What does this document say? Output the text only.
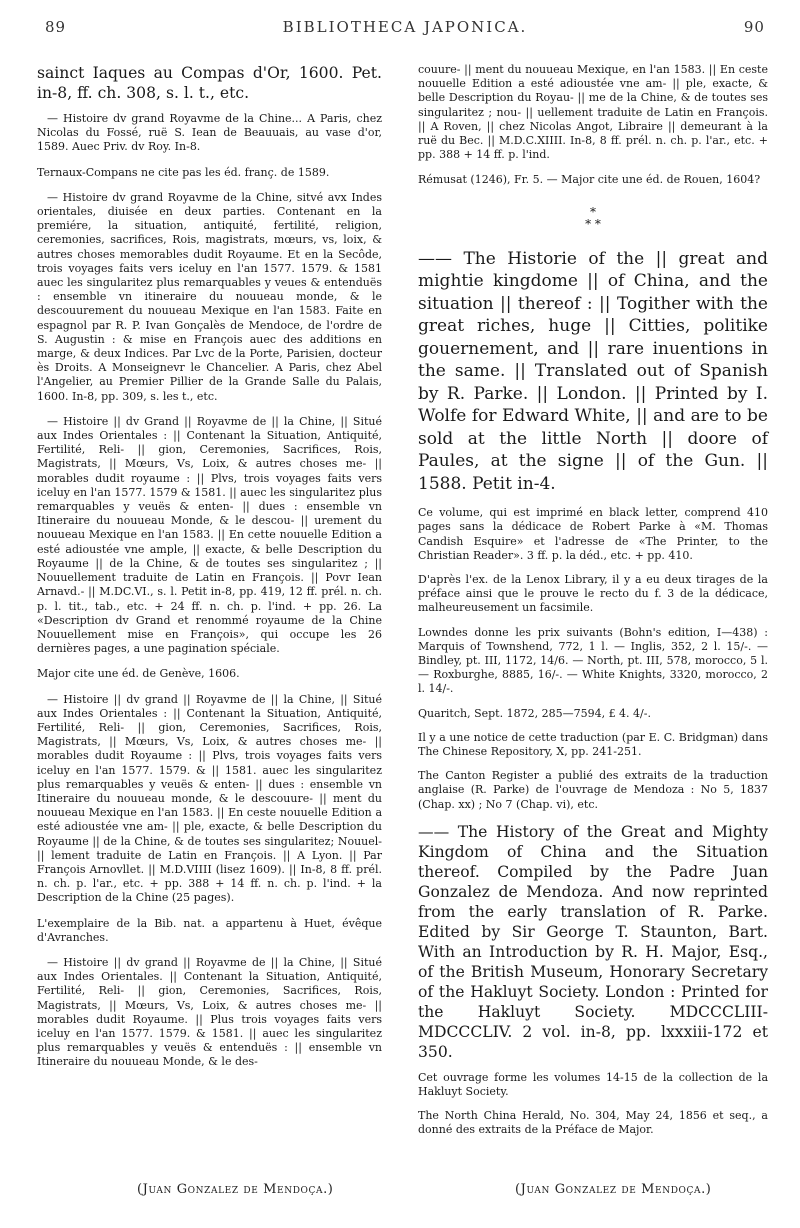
89	BIBLIOTHECA JAPONICA.	90

sainct Iaques au Compas d'Or, 1600. Pet. in-8, ff. ch. 308, s. l. t., etc.

— Histoire dv grand Royavme de la Chine... A Paris, chez Nicolas du Fossé, ruë S. Iean de Beauuais, au vase d'or, 1589. Auec Priv. dv Roy. In-8.

Ternaux-Compans ne cite pas les éd. franç. de 1589.

— Histoire dv grand Royavme de la Chine, sitvé avx Indes orientales, diuisée en deux parties. Contenant en la premiére, la situation, antiquité, fertilité, religion, ceremonies, sacrifices, Rois, magistrats, mœurs, vs, loix, & autres choses memorables dudit Royaume. Et en la Secôde, trois voyages faits vers iceluy en l'an 1577. 1579. & 1581 auec les singularitez plus remarquables y veues & entenduës : ensemble vn itineraire du nouueau monde, & le descouurement du nouueau Mexique en l'an 1583. Faite en espagnol par R. P. Ivan Gonçalès de Mendoce, de l'ordre de S. Augustin : & mise en François auec des additions en marge, & deux Indices. Par Lvc de la Porte, Parisien, docteur ès Droits. A Monseignevr le Chancelier. A Paris, chez Abel l'Angelier, au Premier Pillier de la Grande Salle du Palais, 1600. In-8, pp. 309, s. les t., etc.

— Histoire || dv Grand || Royavme de || la Chine, || Situé aux Indes Orientales : || Contenant la Situation, Antiquité, Fertilité, Reli- || gion, Ceremonies, Sacrifices, Rois, Magistrats, || Mœurs, Vs, Loix, & autres choses me- || morables dudit royaume : || Plvs, trois voyages faits vers iceluy en l'an 1577. 1579 & 1581. || auec les singularitez plus remarquables y veuës & enten- || dues : ensemble vn Itineraire du nouueau Monde, & le descou- || urement du nouueau Mexique en l'an 1583. || En cette nouuelle Edition a esté adioustée vne ample, || exacte, & belle Description du Royaume || de la Chine, & de toutes ses singularitez ; || Nouuellement traduite de Latin en François. || Povr Iean Arnavd.- || M.DC.VI., s. l. Petit in-8, pp. 419, 12 ff. prél. n. ch. p. l. tit., tab., etc. + 24 ff. n. ch. p. l'ind. + pp. 26. La «Description dv Grand et renommé royaume de la Chine Nouuellement mise en François», qui occupe les 26 dernières pages, a une pagination spéciale.

Major cite une éd. de Genève, 1606.

— Histoire || dv grand || Royavme de || la Chine, || Situé aux Indes Orientales : || Contenant la Situation, Antiquité, Fertilité, Reli- || gion, Ceremonies, Sacrifices, Rois, Magistrats, || Mœurs, Vs, Loix, & autres choses me- || morables dudit Royaume : || Plvs, trois voyages faits vers iceluy en l'an 1577. 1579. & || 1581. auec les singularitez plus remarquables y veuës & enten- || dues : ensemble vn Itineraire du nouueau monde, & le descouure- || ment du nouueau Mexique en l'an 1583. || En ceste nouuelle Edition a esté adioustée vne am- || ple, exacte, & belle Description du Royaume || de la Chine, & de toutes ses singularitez; Nouuel- || lement traduite de Latin en François. || A Lyon. || Par François Arnovllet. || M.D.VIIII (lisez 1609). || In-8, 8 ff. prél. n. ch. p. l'ar., etc. + pp. 388 + 14 ff. n. ch. p. l'ind. + la Description de la Chine (25 pages).

L'exemplaire de la Bib. nat. a appartenu à Huet, évêque d'Avranches.

— Histoire || dv grand || Royavme de || la Chine, || Situé aux Indes Orientales. || Contenant la Situation, Antiquité, Fertilité, Reli- || gion, Ceremonies, Sacrifices, Rois, Magistrats, || Mœurs, Vs, Loix, & autres choses me- || morables dudit Royaume. || Plus trois voyages faits vers iceluy en l'an 1577. 1579. & 1581. || auec les singularitez plus remarquables y veuës & entenduës : || ensemble vn Itineraire du nouueau Monde, & le des-

couure- || ment du nouueau Mexique, en l'an 1583. || En ceste nouuelle Edition a esté adioustée vne am- || ple, exacte, & belle Description du Royau- || me de la Chine, & de toutes ses singularitez ; nou- || uellement traduite de Latin en François. || A Roven, || chez Nicolas Angot, Libraire || demeurant à la ruë du Bec. || M.D.C.XIIII. In-8, 8 ff. prél. n. ch. p. l'ar., etc. + pp. 388 + 14 ff. p. l'ind.

Rémusat (1246), Fr. 5. — Major cite une éd. de Rouen, 1604?

*
* *

—— The Historie of the || great and mightie kingdome || of China, and the situation || thereof : || Togither with the great riches, huge || Citties, politike gouernement, and || rare inuentions in the same. || Translated out of Spanish by R. Parke. || London. || Printed by I. Wolfe for Edward White, || and are to be sold at the little North || doore of Paules, at the signe || of the Gun. || 1588. Petit in-4.

Ce volume, qui est imprimé en black letter, comprend 410 pages sans la dédicace de Robert Parke à «M. Thomas Candish Esquire» et l'adresse de «The Printer, to the Christian Reader». 3 ff. p. la déd., etc. + pp. 410.

D'après l'ex. de la Lenox Library, il y a eu deux tirages de la préface ainsi que le prouve le recto du f. 3 de la dédicace, malheureusement un facsimile.

Lowndes donne les prix suivants (Bohn's edition, I—438) : Marquis of Townshend, 772, 1 l. — Inglis, 352, 2 l. 15/-. — Bindley, pt. III, 1172, 14/6. — North, pt. III, 578, morocco, 5 l. — Roxburghe, 8885, 16/-. — White Knights, 3320, morocco, 2 l. 14/-.

Quaritch, Sept. 1872, 285—7594, £ 4. 4/-.

Il y a une notice de cette traduction (par E. C. Bridgman) dans The Chinese Repository, X, pp. 241-251.

The Canton Register a publié des extraits de la traduction anglaise (R. Parke) de l'ouvrage de Mendoza : No 5, 1837 (Chap. xx) ; No 7 (Chap. vi), etc.

—— The History of the Great and Mighty Kingdom of China and the Situation thereof. Compiled by the Padre Juan Gonzalez de Mendoza. And now reprinted from the early translation of R. Parke. Edited by Sir George T. Staunton, Bart. With an Introduction by R. H. Major, Esq., of the British Museum, Honorary Secretary of the Hakluyt Society. London : Printed for the Hakluyt Society. MDCCCLIII-MDCCCLIV. 2 vol. in-8, pp. lxxxiii-172 et 350.

Cet ouvrage forme les volumes 14-15 de la collection de la Hakluyt Society.

The North China Herald, No. 304, May 24, 1856 et seq., a donné des extraits de la Préface de Major.

(Juan Gonzalez de Mendoça.)	(Juan Gonzalez de Mendoça.)
